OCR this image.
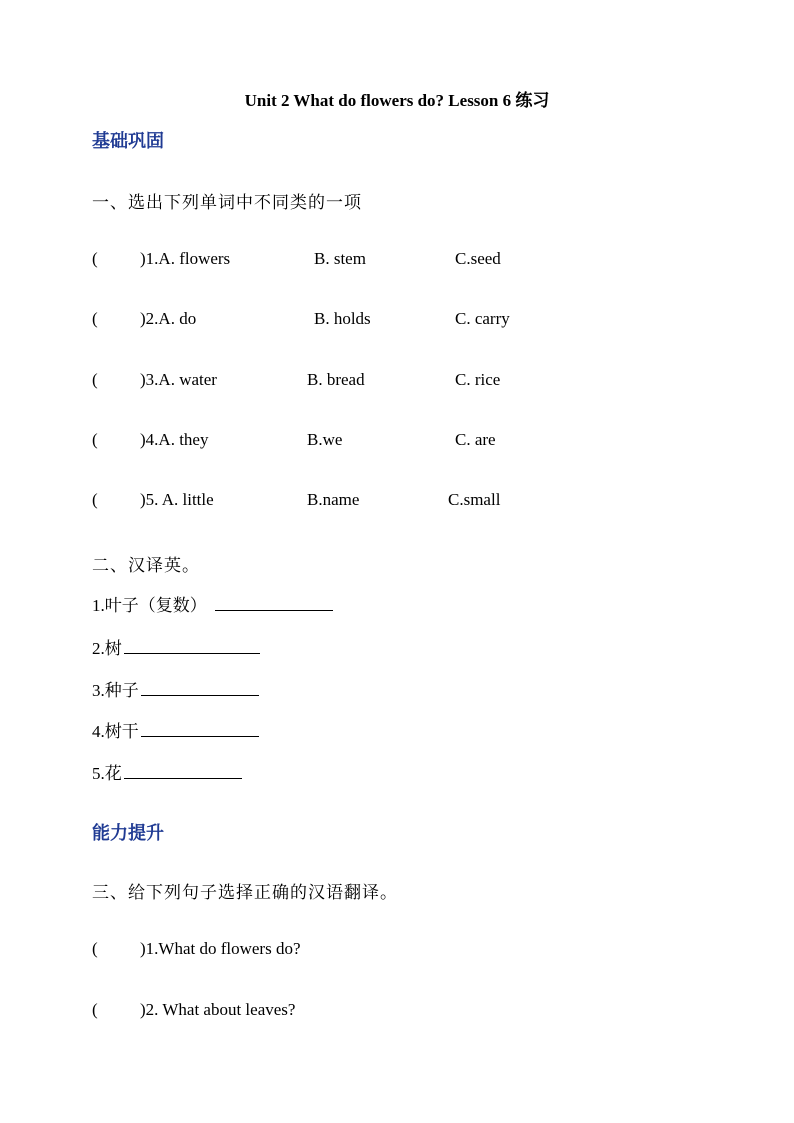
Unit 2 What do flowers do? Lesson 6 练习
基础巩固
一、选出下列单词中不同类的一项
( )1.A. flowers	B. stem	C.seed
( )2.A. do	B. holds	C. carry
( )3.A. water	B. bread	C. rice
( )4.A. they	B.we	C. are
( )5. A. little	B.name	C.small
二、汉译英。
1.叶子（复数）
2.树
3.种子
4.树干
5.花
能力提升
三、给下列句子选择正确的汉语翻译。
( )1.What do flowers do?
( )2. What about leaves?
